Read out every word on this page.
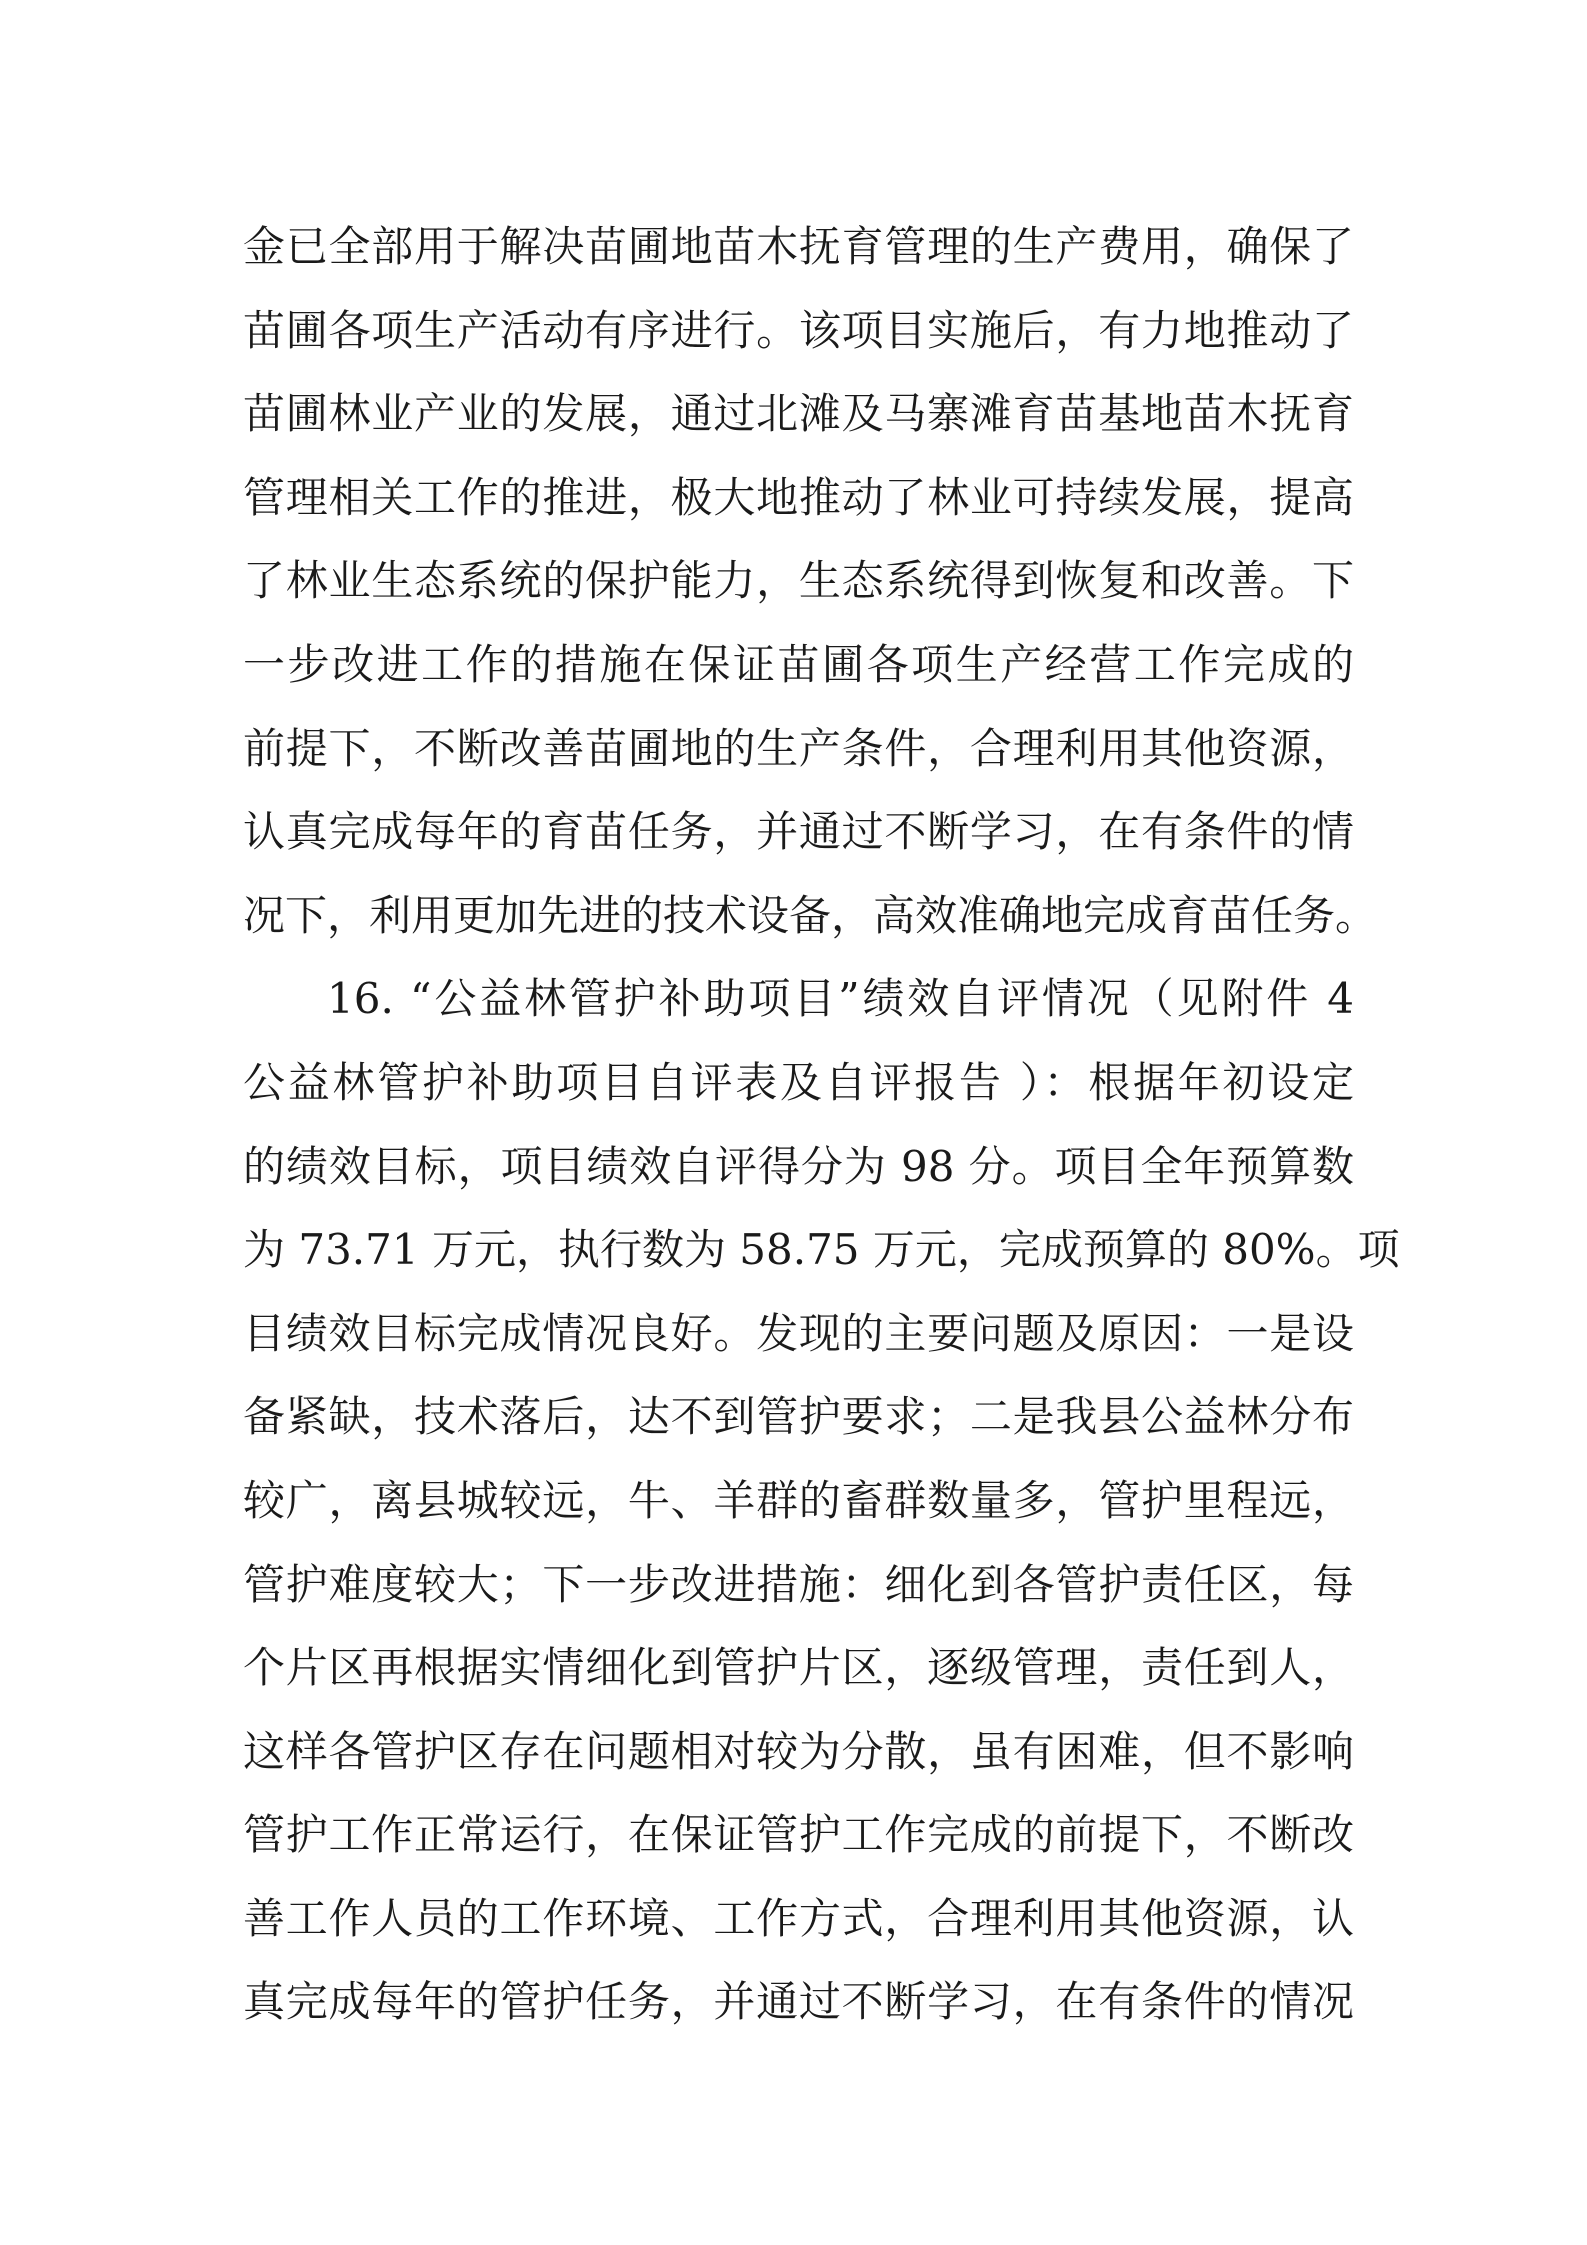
金已全部用于解决苗圃地苗木抚育管理的生产费用，确保了
苗圃各项生产活动有序进行。该项目实施后，有力地推动了
苗圃林业产业的发展，通过北滩及马寨滩育苗基地苗木抚育
管理相关工作的推进，极大地推动了林业可持续发展，提高
了林业生态系统的保护能力，生态系统得到恢复和改善。下
一步改进工作的措施在保证苗圃各项生产经营工作完成的
前提下，不断改善苗圃地的生产条件，合理利用其他资源，
认真完成每年的育苗任务，并通过不断学习，在有条件的情
况下，利用更加先进的技术设备，高效准确地完成育苗任务。
16. “公益林管护补助项目”绩效自评情况（见附件 4
公益林管护补助项目自评表及自评报告 ）：根据年初设定
的绩效目标，项目绩效自评得分为 98 分。项目全年预算数
为 73.71 万元，执行数为 58.75 万元，完成预算的 80%。项
目绩效目标完成情况良好。发现的主要问题及原因：一是设
备紧缺，技术落后，达不到管护要求；二是我县公益林分布
较广，离县城较远，牛、羊群的畜群数量多，管护里程远，
管护难度较大；下一步改进措施：细化到各管护责任区，每
个片区再根据实情细化到管护片区，逐级管理，责任到人，
这样各管护区存在问题相对较为分散，虽有困难，但不影响
管护工作正常运行，在保证管护工作完成的前提下，不断改
善工作人员的工作环境、工作方式，合理利用其他资源，认
真完成每年的管护任务，并通过不断学习，在有条件的情况
